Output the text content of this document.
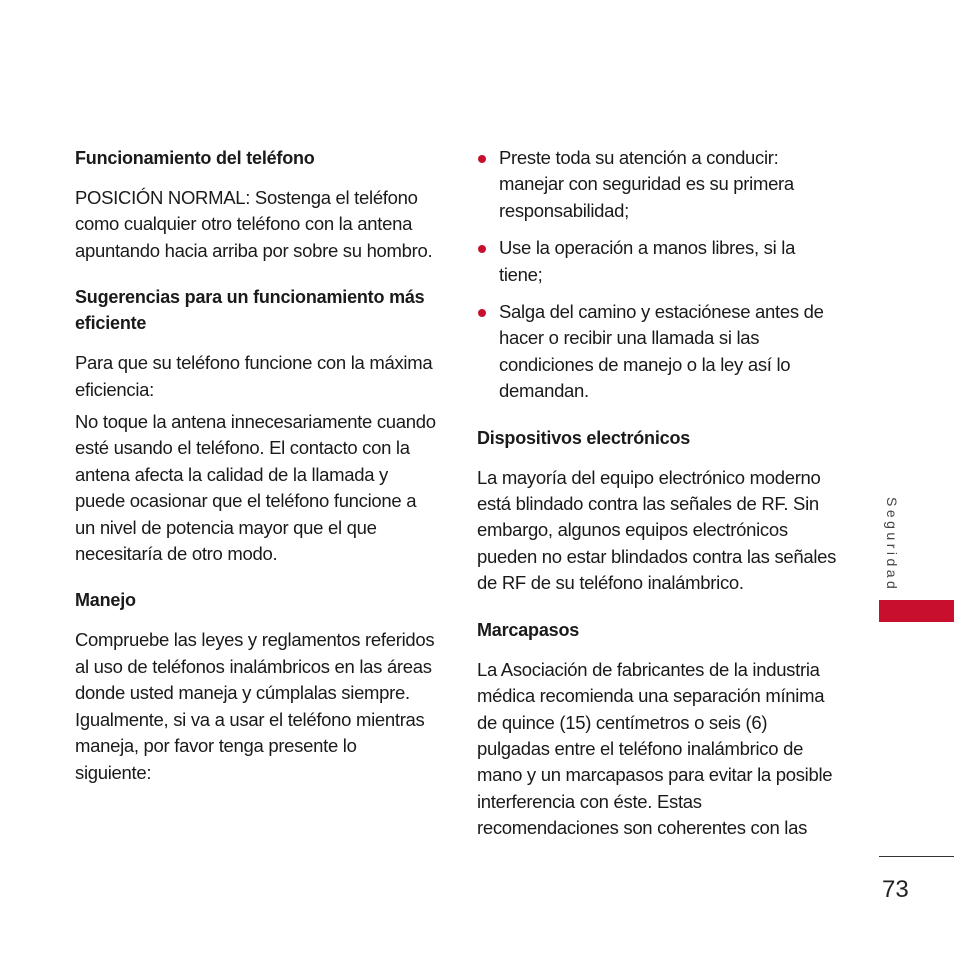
Funcionamiento del teléfono

POSICIÓN NORMAL: Sostenga el teléfono como cualquier otro teléfono con la antena apuntando hacia arriba por sobre su hombro.

Sugerencias para un funcionamiento más eficiente

Para que su teléfono funcione con la máxima eficiencia:

No toque la antena innecesariamente cuando esté usando el teléfono. El contacto con la antena afecta la calidad de la llamada y puede ocasionar que el teléfono funcione a un nivel de potencia mayor que el que necesitaría de otro modo.

Manejo

Compruebe las leyes y reglamentos referidos al uso de teléfonos inalámbricos en las áreas donde usted maneja y cúmplalas siempre. Igualmente, si va a usar el teléfono mientras maneja, por favor tenga presente lo siguiente:

Preste toda su atención a conducir: manejar con seguridad es su primera responsabilidad;

Use la operación a manos libres, si la tiene;

Salga del camino y estaciónese antes de hacer o recibir una llamada si las condiciones de manejo o la ley así lo demandan.

Dispositivos electrónicos

La mayoría del equipo electrónico moderno está blindado contra las señales de RF. Sin embargo, algunos equipos electrónicos pueden no estar blindados contra las señales de RF de su teléfono inalámbrico.

Marcapasos

La Asociación de fabricantes de la industria médica recomienda una separación mínima de quince (15) centímetros o seis (6) pulgadas entre el teléfono inalámbrico de mano y un marcapasos para evitar la posible interferencia con éste. Estas recomendaciones son coherentes con las

Seguridad
73
